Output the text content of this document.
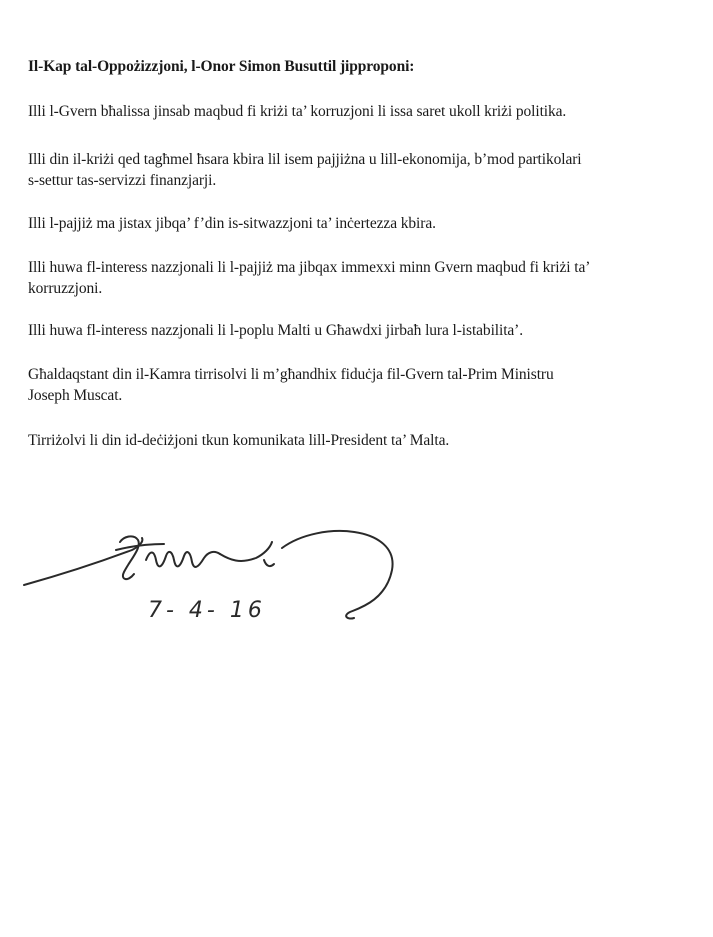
Il-Kap tal-Oppożizzjoni, l-Onor Simon Busuttil jipproponi:
Illi l-Gvern bħalissa jinsab maqbud fi kriżi ta’ korruzjoni li issa saret ukoll kriżi politika.
Illi din il-kriżi qed tagħmel ħsara kbira lil isem pajjiżna u lill-ekonomija, b’mod partikolari
s-settur tas-servizzi finanzjarji.
Illi l-pajjiż ma jistax jibqa’ f’din is-sitwazzjoni ta’ inċertezza kbira.
Illi huwa fl-interess nazzjonali li l-pajjiż ma jibqax immexxi minn Gvern maqbud fi kriżi ta’
korruzzjoni.
Illi huwa fl-interess nazzjonali li l-poplu Malti u Għawdxi jirbaħ lura l-istabilita’.
Għaldaqstant din il-Kamra tirrisolvi li m’għandhix fiduċja fil-Gvern tal-Prim Ministru
Joseph Muscat.
Tirriżolvi li din id-deċiżjoni tkun komunikata lill-President ta’ Malta.
7- 4- 16
